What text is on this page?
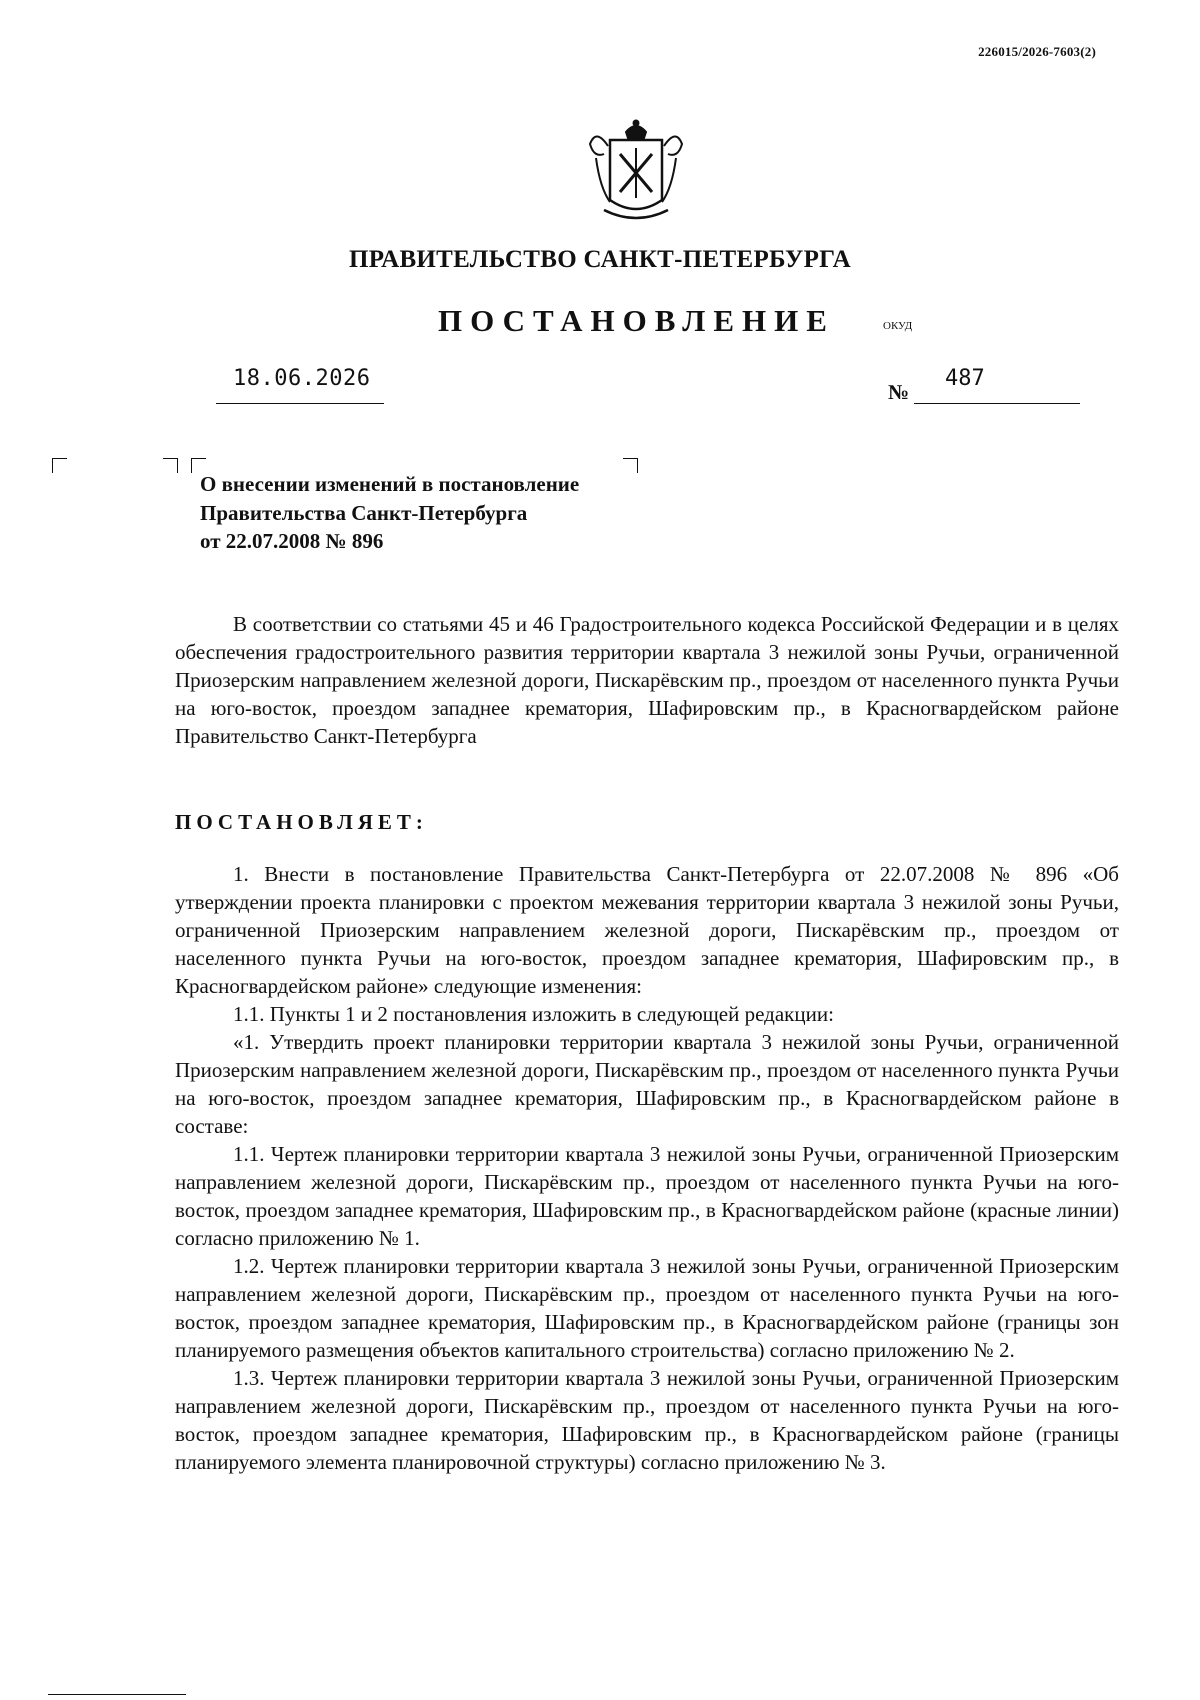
226015/2026-7603(2)
ПРАВИТЕЛЬСТВО САНКТ-ПЕТЕРБУРГА
ПОСТАНОВЛЕНИЕ	ОКУД
18.06.2026
№
487
О внесении изменений в постановление
Правительства Санкт-Петербурга
от 22.07.2008 № 896

В соответствии со статьями 45 и 46 Градостроительного кодекса Российской Федерации и в целях обеспечения градостроительного развития территории квартала 3 нежилой зоны Ручьи, ограниченной Приозерским направлением железной дороги, Пискарёвским пр., проездом от населенного пункта Ручьи на юго-восток, проездом западнее крематория, Шафировским пр., в Красногвардейском районе Правительство Санкт-Петербурга

ПОСТАНОВЛЯЕТ:

1. Внести в постановление Правительства Санкт-Петербурга от 22.07.2008 № 896 «Об утверждении проекта планировки с проектом межевания территории квартала 3 нежилой зоны Ручьи, ограниченной Приозерским направлением железной дороги, Пискарёвским пр., проездом от населенного пункта Ручьи на юго-восток, проездом западнее крематория, Шафировским пр., в Красногвардейском районе» следующие изменения:

1.1. Пункты 1 и 2 постановления изложить в следующей редакции:

«1. Утвердить проект планировки территории квартала 3 нежилой зоны Ручьи, ограниченной Приозерским направлением железной дороги, Пискарёвским пр., проездом от населенного пункта Ручьи на юго-восток, проездом западнее крематория, Шафировским пр., в Красногвардейском районе в составе:

1.1. Чертеж планировки территории квартала 3 нежилой зоны Ручьи, ограниченной Приозерским направлением железной дороги, Пискарёвским пр., проездом от населенного пункта Ручьи на юго-восток, проездом западнее крематория, Шафировским пр., в Красногвардейском районе (красные линии) согласно приложению № 1.

1.2. Чертеж планировки территории квартала 3 нежилой зоны Ручьи, ограниченной Приозерским направлением железной дороги, Пискарёвским пр., проездом от населенного пункта Ручьи на юго-восток, проездом западнее крематория, Шафировским пр., в Красногвардейском районе (границы зон планируемого размещения объектов капитального строительства) согласно приложению № 2.

1.3. Чертеж планировки территории квартала 3 нежилой зоны Ручьи, ограниченной Приозерским направлением железной дороги, Пискарёвским пр., проездом от населенного пункта Ручьи на юго-восток, проездом западнее крематория, Шафировским пр., в Красногвардейском районе (границы планируемого элемента планировочной структуры) согласно приложению № 3.
